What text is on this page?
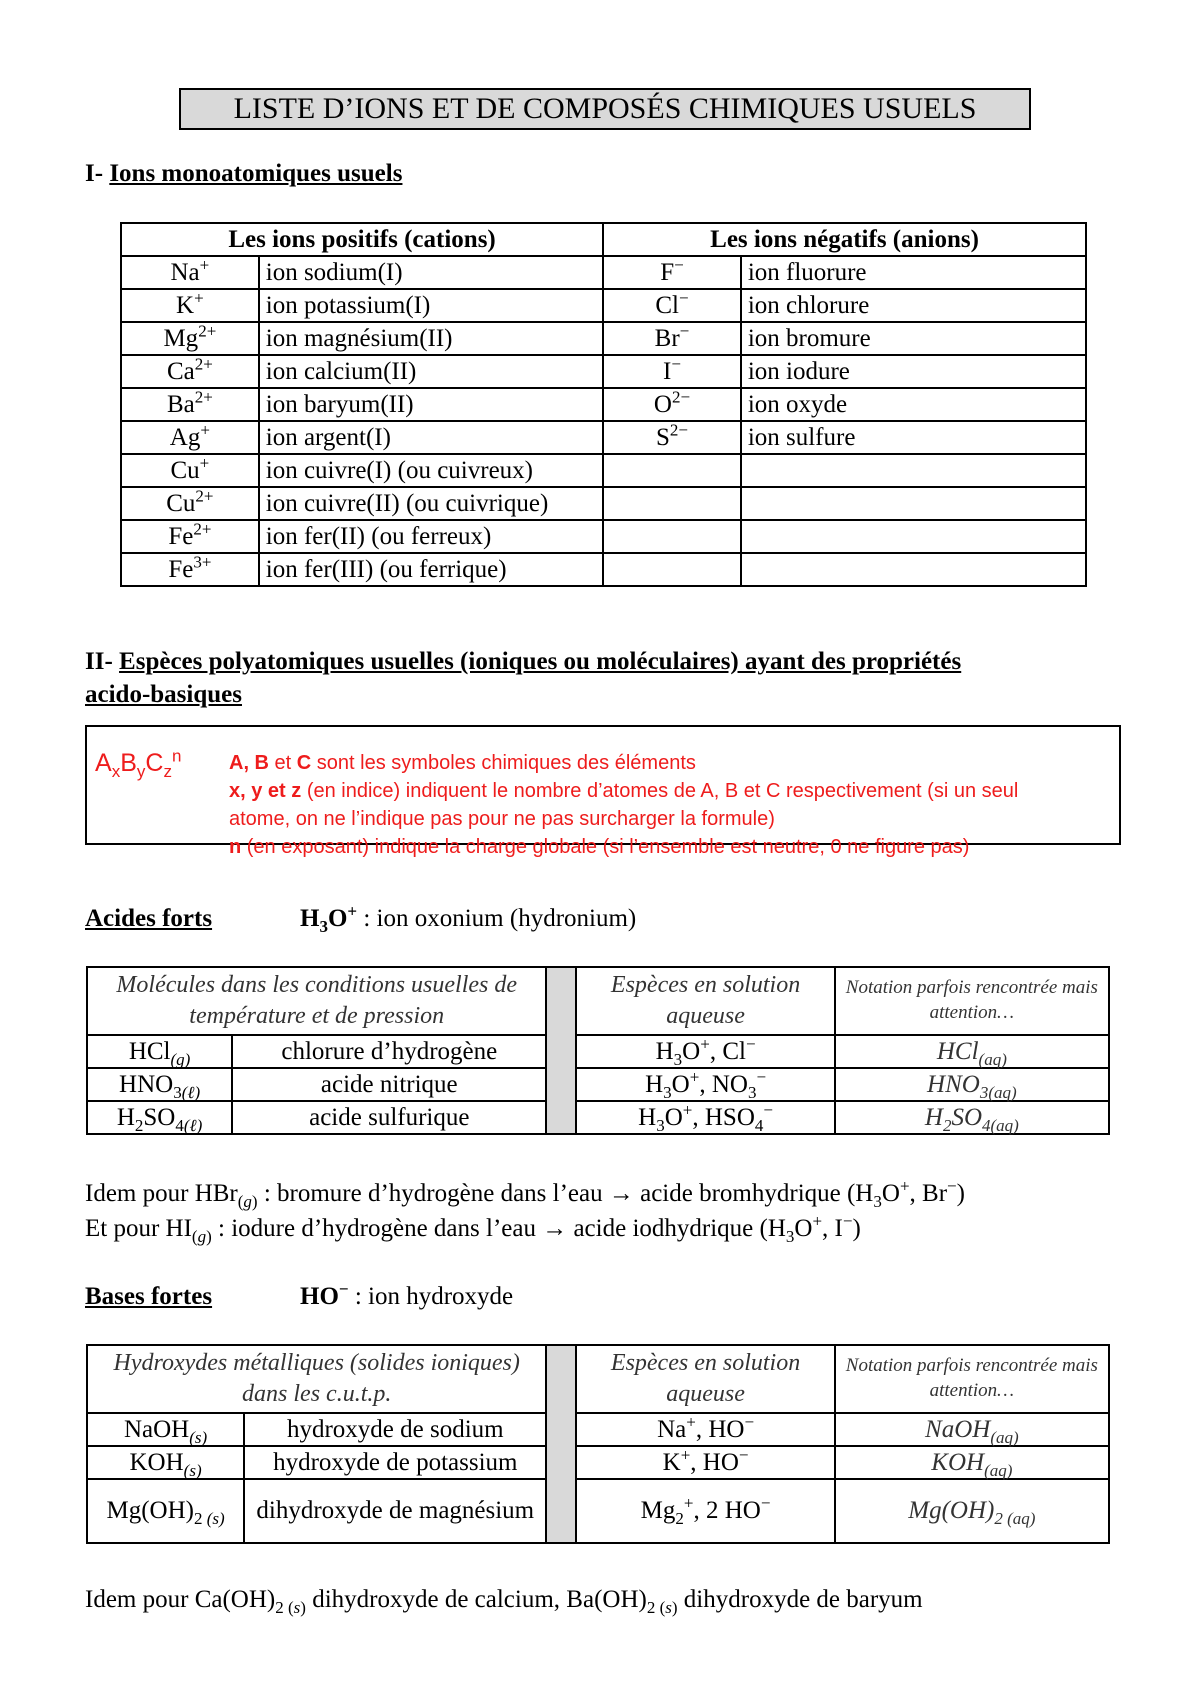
LISTE D’IONS ET DE COMPOSÉS CHIMIQUES USUELS
I- Ions monoatomiques usuels
Les ions positifs (cations)		Les ions négatifs (anions)	
Na+	ion sodium(I)	F−	ion fluorure
K+	ion potassium(I)	Cl−	ion chlorure
$Mg^{2+}$	ion magnésium(II)	Br−	ion bromure
$Ca^{2+}$	ion calcium(II)	I−	ion iodure
$Ba^{2+}$	ion baryum(II)	$O^{2-}$	ion oxyde
Ag+	ion argent(I)	$S^{2-}$	ion sulfure
Cu+	ion cuivre(I) (ou cuivreux)		
$Cu^{2+}$	ion cuivre(II) (ou cuivrique)		
$Fe^{2+}$	ion fer(II) (ou ferreux)		
$Fe^{3+}$	ion fer(III) (ou ferrique)		
II- Espèces polyatomiques usuelles (ioniques ou moléculaires) ayant des propriétés
acido-basiques
$A_xB_yC_z^n$ A, B et C sont les symboles chimiques des éléments
x, y et z (en indice) indiquent le nombre d’atomes de A, B et C respectivement (si un seul
atome, on ne l’indique pas pour ne pas surcharger la formule)
n (en exposant) indique la charge globale (si l’ensemble est neutre, 0 ne figure pas)
Acides forts	$H_3O^+$ : ion oxonium (hydronium)
Molécules dans les conditions usuelles de température et de pression			Espèces en solution aqueuse	Notation parfois rencontrée mais attention…
HCl$_{(g)}$	chlorure d’hydrogène		$H_3O^+$, Cl−	HCl$_{(aq)}$
$HNO_{3(\ell)}$	acide nitrique		$H_3O^+$, $NO_3^-$	$HNO_{3(aq)}$
$H_2SO_{4(\ell)}$	acide sulfurique		$H_3O^+$, $HSO_4^-$	$H_2SO_{4(aq)}$
Idem pour HBr$_{(g)}$ : bromure d’hydrogène dans l’eau → acide bromhydrique ($H_3O^+$, Br−)
Et pour $HI_{(g)}$ : iodure d’hydrogène dans l’eau → acide iodhydrique ($H_3O^+$, I−)
Bases fortes	HO− : ion hydroxyde
Hydroxydes métalliques (solides ioniques) dans les c.u.t.p.			Espèces en solution aqueuse	Notation parfois rencontrée mais attention…
NaOH$_{(s)}$	hydroxyde de sodium		Na+, HO−	NaOH$_{(aq)}$
$KOH_{(s)}$	hydroxyde de potassium		K+, HO−	$KOH_{(aq)}$
$Mg(OH)_2$ $_{(s)}$	dihydroxyde de magnésium		$Mg_2^+$, 2 HO−	$Mg(OH)_2$ $_{(aq)}$
Idem pour $Ca(OH)_{2 (s)}$ dihydroxyde de calcium, $Ba(OH)_{2 (s)}$ dihydroxyde de baryum
